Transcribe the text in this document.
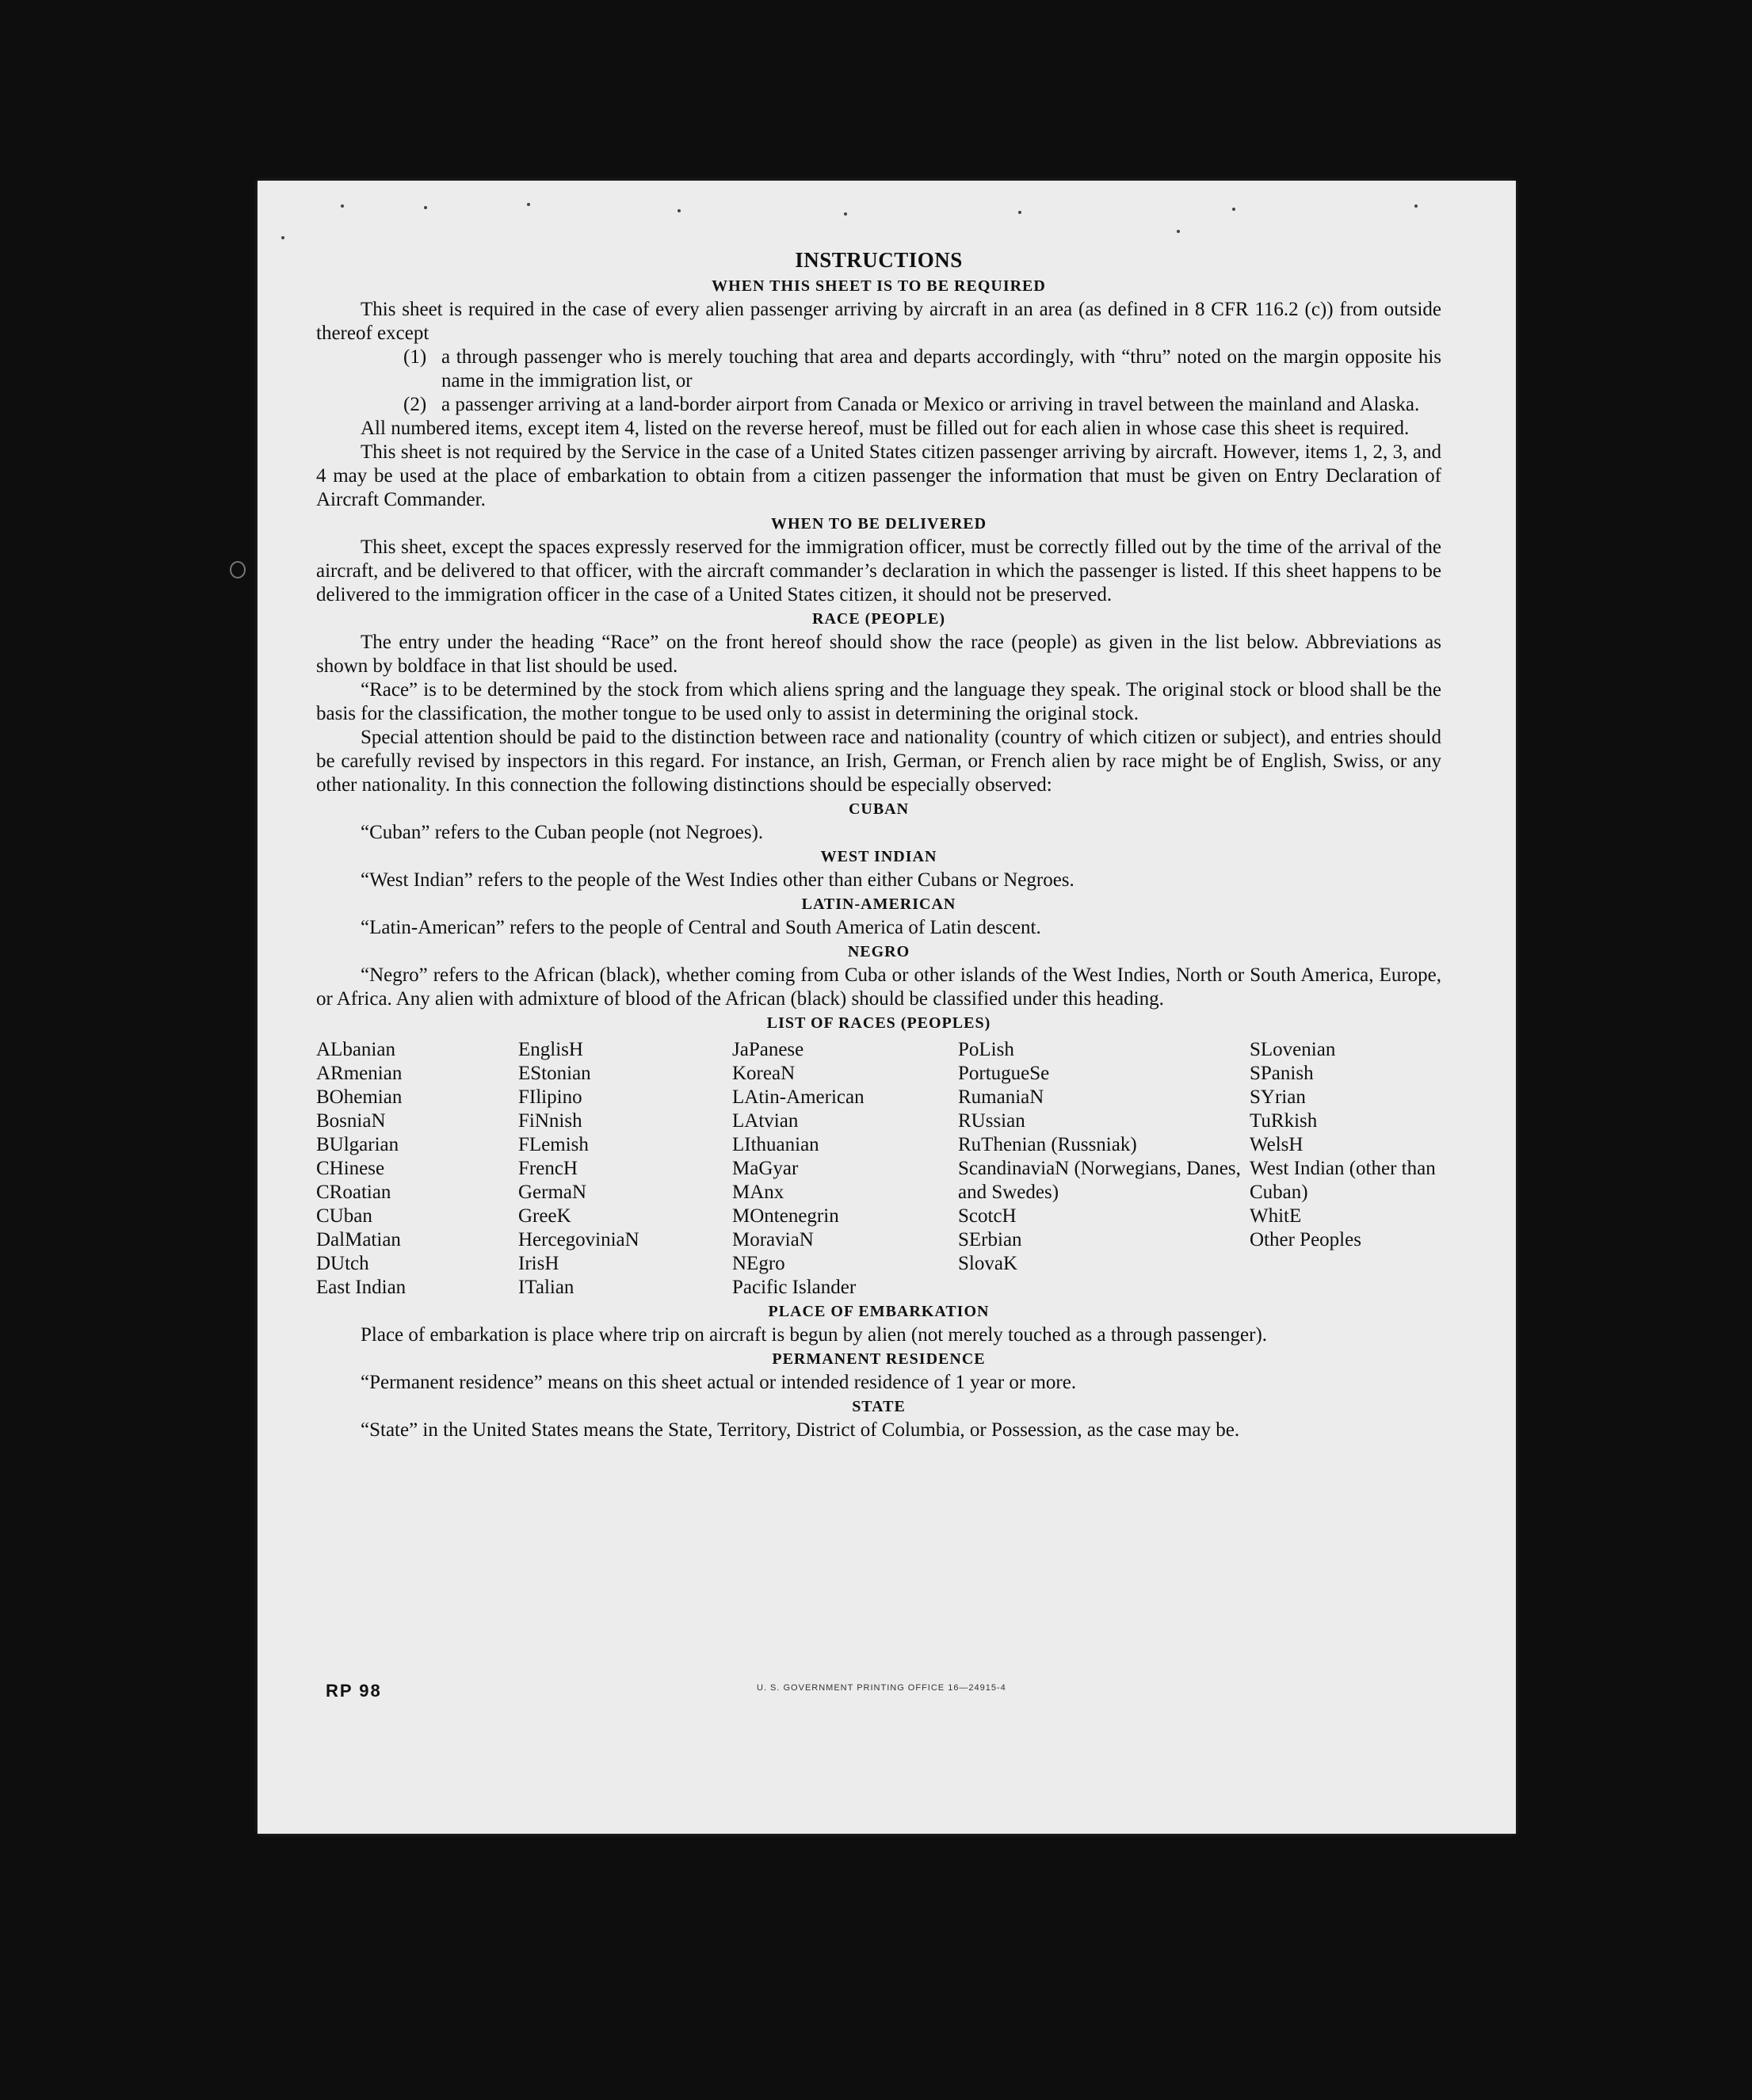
INSTRUCTIONS
WHEN THIS SHEET IS TO BE REQUIRED

This sheet is required in the case of every alien passenger arriving by aircraft in an area (as defined in 8 CFR 116.2 (c)) from outside thereof except

(1) a through passenger who is merely touching that area and departs accordingly, with “thru” noted on the margin opposite his name in the immigration list, or
(2) a passenger arriving at a land-border airport from Canada or Mexico or arriving in travel between the mainland and Alaska.

All numbered items, except item 4, listed on the reverse hereof, must be filled out for each alien in whose case this sheet is required.

This sheet is not required by the Service in the case of a United States citizen passenger arriving by aircraft. However, items 1, 2, 3, and 4 may be used at the place of embarkation to obtain from a citizen passenger the information that must be given on Entry Declaration of Aircraft Commander.

WHEN TO BE DELIVERED

This sheet, except the spaces expressly reserved for the immigration officer, must be correctly filled out by the time of the arrival of the aircraft, and be delivered to that officer, with the aircraft commander’s declaration in which the passenger is listed. If this sheet happens to be delivered to the immigration officer in the case of a United States citizen, it should not be preserved.

RACE (PEOPLE)

The entry under the heading “Race” on the front hereof should show the race (people) as given in the list below. Abbreviations as shown by boldface in that list should be used.

“Race” is to be determined by the stock from which aliens spring and the language they speak. The original stock or blood shall be the basis for the classification, the mother tongue to be used only to assist in determining the original stock.

Special attention should be paid to the distinction between race and nationality (country of which citizen or subject), and entries should be carefully revised by inspectors in this regard. For instance, an Irish, German, or French alien by race might be of English, Swiss, or any other nationality. In this connection the following distinctions should be especially observed:

CUBAN

“Cuban” refers to the Cuban people (not Negroes).

WEST INDIAN

“West Indian” refers to the people of the West Indies other than either Cubans or Negroes.

LATIN-AMERICAN

“Latin-American” refers to the people of Central and South America of Latin descent.

NEGRO

“Negro” refers to the African (black), whether coming from Cuba or other islands of the West Indies, North or South America, Europe, or Africa. Any alien with admixture of blood of the African (black) should be classified under this heading.

LIST OF RACES (PEOPLES)
ALbanian
ARmenian
BOhemian
BosniaN
BUlgarian
CHinese
CRoatian
CUban
DalMatian
DUtch
East Indian
EnglisH
EStonian
FIlipino
FiNnish
FLemish
FrencH
GermaN
GreeK
HercegoviniaN
IrisH
ITalian
JaPanese
KoreaN
LAtin-American
LAtvian
LIthuanian
MaGyar
MAnx
MOntenegrin
MoraviaN
NEgro
Pacific Islander
PoLish
PortugueSe
RumaniaN
RUssian
RuThenian (Russniak)
ScandinaviaN (Norwegians, Danes, and Swedes)
ScotcH
SErbian
SlovaK
SLovenian
SPanish
SYrian
TuRkish
WelsH
West Indian (other than Cuban)
WhitE
Other Peoples
PLACE OF EMBARKATION

Place of embarkation is place where trip on aircraft is begun by alien (not merely touched as a through passenger).

PERMANENT RESIDENCE

“Permanent residence” means on this sheet actual or intended residence of 1 year or more.

STATE

“State” in the United States means the State, Territory, District of Columbia, or Possession, as the case may be.

RP 98	U. S. GOVERNMENT PRINTING OFFICE 16—24915-4
